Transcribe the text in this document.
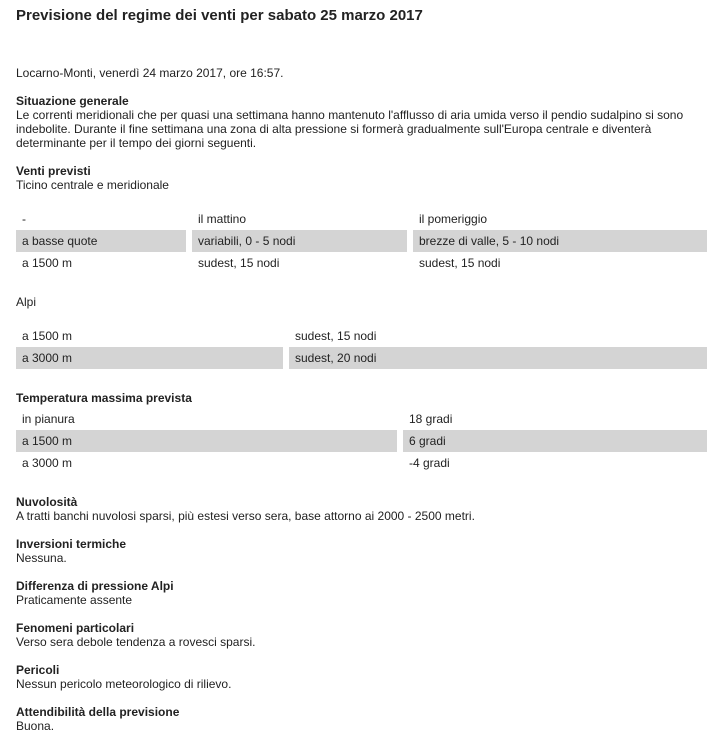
Previsione del regime dei venti per sabato 25 marzo 2017

Locarno-Monti, venerdì 24 marzo 2017, ore 16:57.

Situazione generale

Le correnti meridionali che per quasi una settimana hanno mantenuto l'afflusso di aria umida verso il pendio sudalpino si sono indebolite. Durante il fine settimana una zona di alta pressione si formerà gradualmente sull'Europa centrale e diventerà determinante per il tempo dei giorni seguenti.

Venti previsti

Ticino centrale e meridionale

-	il mattino	il pomeriggio
a basse quote	variabili, 0 - 5 nodi	brezze di valle, 5 - 10 nodi
a 1500 m	sudest, 15 nodi	sudest, 15 nodi

Alpi

a 1500 m	sudest, 15 nodi
a 3000 m	sudest, 20 nodi

Temperatura massima prevista

in pianura	18 gradi
a 1500 m	6 gradi
a 3000 m	-4 gradi

Nuvolosità

A tratti banchi nuvolosi sparsi, più estesi verso sera, base attorno ai 2000 - 2500 metri.

Inversioni termiche

Nessuna.

Differenza di pressione Alpi

Praticamente assente

Fenomeni particolari

Verso sera debole tendenza a rovesci sparsi.

Pericoli

Nessun pericolo meteorologico di rilievo.

Attendibilità della previsione

Buona.
